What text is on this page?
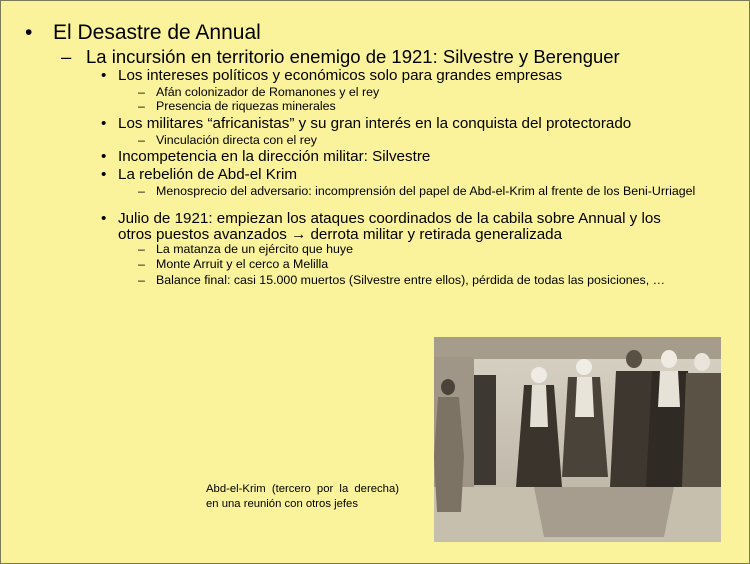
• El Desastre de Annual
– La incursión en territorio enemigo de 1921: Silvestre y Berenguer
• Los intereses políticos y económicos solo para grandes empresas
– Afán colonizador de Romanones y el rey
– Presencia de riquezas minerales
• Los militares “africanistas” y su gran interés en la conquista del protectorado
– Vinculación directa con el rey
• Incompetencia en la dirección militar: Silvestre
• La rebelión de Abd-el Krim
– Menosprecio del adversario: incomprensión del papel de Abd-el-Krim al frente de los Beni-Urriagel
• Julio de 1921: empiezan los ataques coordinados de la cabila sobre Annual y los otros puestos avanzados → derrota militar y retirada generalizada
– La matanza de un ejército que huye
– Monte Arruit y el cerco a Melilla
– Balance final: casi 15.000 muertos (Silvestre entre ellos), pérdida de todas las posiciones, …
Abd-el-Krim (tercero por la derecha) en una reunión con otros jefes
